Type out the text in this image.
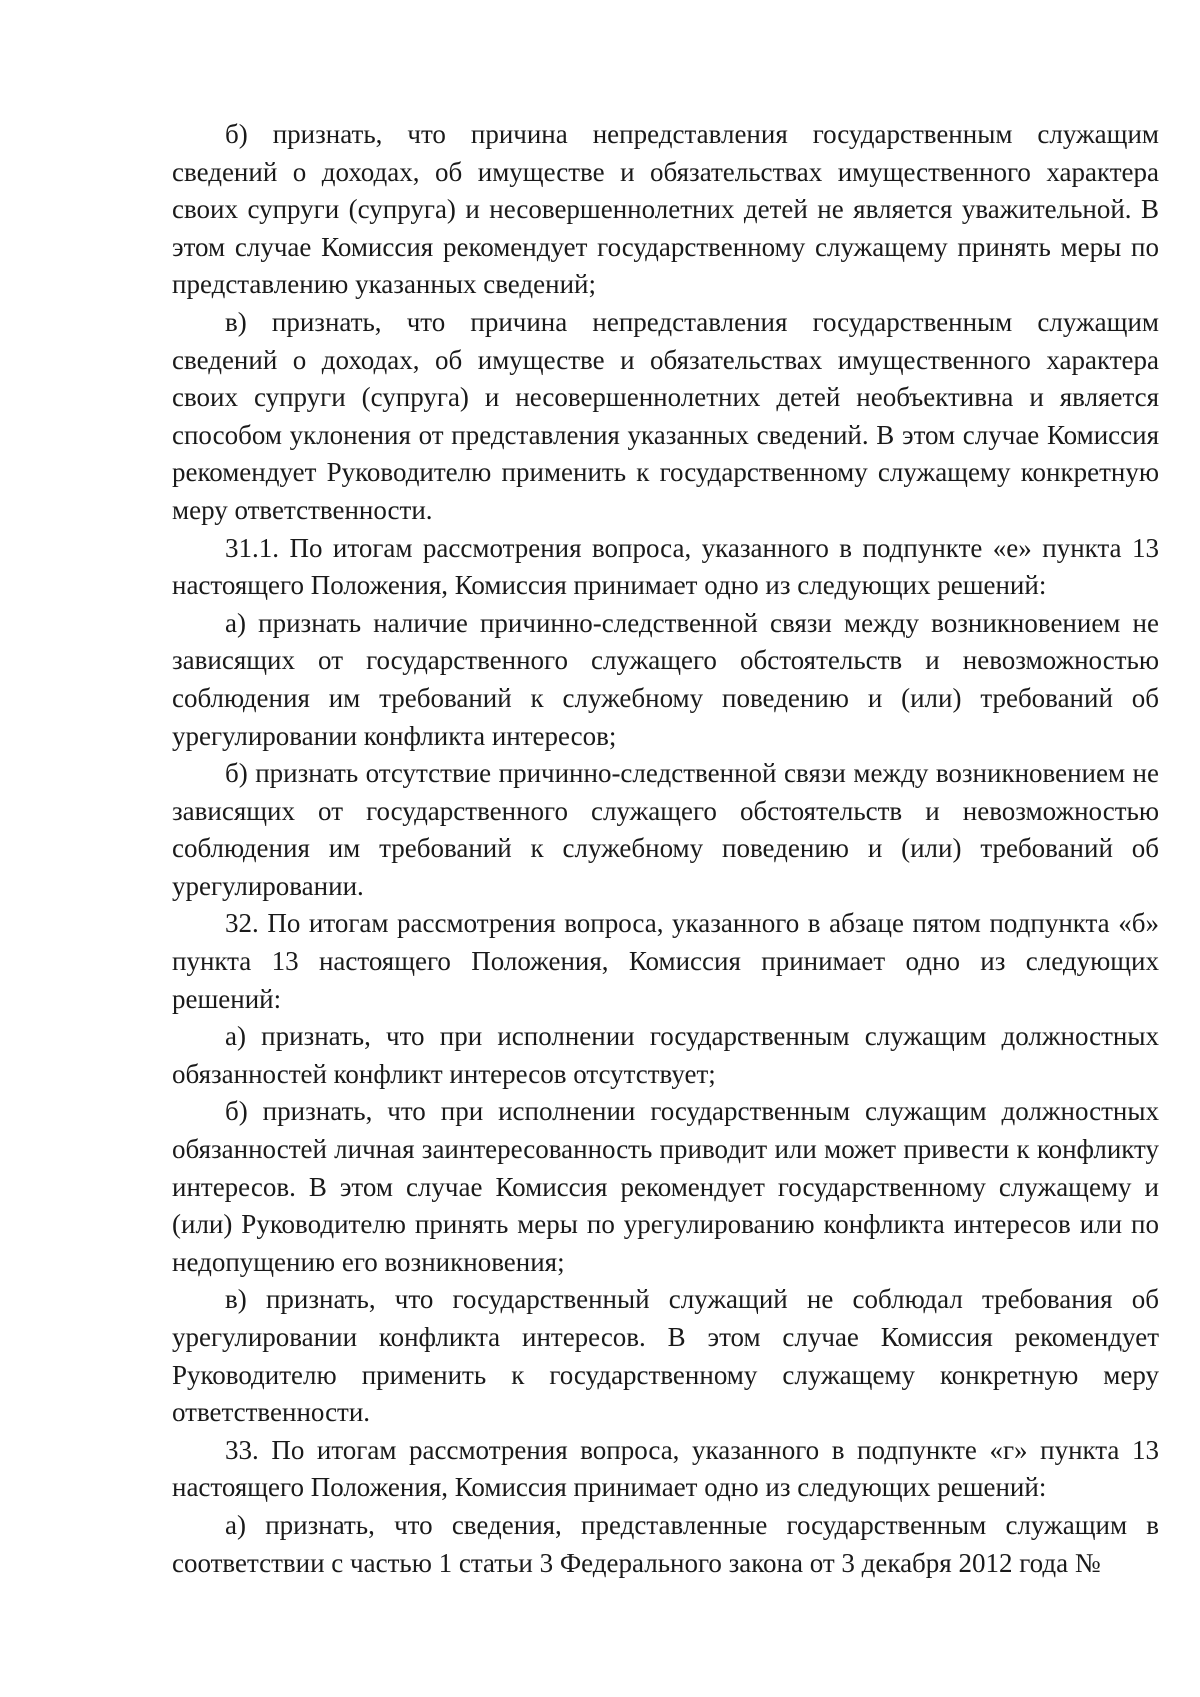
б) признать, что причина непредставления государственным служащим сведений о доходах, об имуществе и обязательствах имущественного характера своих супруги (супруга) и несовершеннолетних детей не является уважительной. В этом случае Комиссия рекомендует государственному служащему принять меры по представлению указанных сведений;

в) признать, что причина непредставления государственным служащим сведений о доходах, об имуществе и обязательствах имущественного характера своих супруги (супруга) и несовершеннолетних детей необъективна и является способом уклонения от представления указанных сведений. В этом случае Комиссия рекомендует Руководителю применить к государственному служащему конкретную меру ответственности.

31.1. По итогам рассмотрения вопроса, указанного в подпункте «е» пункта 13 настоящего Положения, Комиссия принимает одно из следующих решений:

а) признать наличие причинно-следственной связи между возникновением не зависящих от государственного служащего обстоятельств и невозможностью соблюдения им требований к служебному поведению и (или) требований об урегулировании конфликта интересов;

б) признать отсутствие причинно-следственной связи между возникновением не зависящих от государственного служащего обстоятельств и невозможностью соблюдения им требований к служебному поведению и (или) требований об урегулировании.

32. По итогам рассмотрения вопроса, указанного в абзаце пятом подпункта «б» пункта 13 настоящего Положения, Комиссия принимает одно из следующих решений:

а) признать, что при исполнении государственным служащим должностных обязанностей конфликт интересов отсутствует;

б) признать, что при исполнении государственным служащим должностных обязанностей личная заинтересованность приводит или может привести к конфликту интересов. В этом случае Комиссия рекомендует государственному служащему и (или) Руководителю принять меры по урегулированию конфликта интересов или по недопущению его возникновения;

в) признать, что государственный служащий не соблюдал требования об урегулировании конфликта интересов. В этом случае Комиссия рекомендует Руководителю применить к государственному служащему конкретную меру ответственности.

33. По итогам рассмотрения вопроса, указанного в подпункте «г» пункта 13 настоящего Положения, Комиссия принимает одно из следующих решений:

а) признать, что сведения, представленные государственным служащим в соответствии с частью 1 статьи 3 Федерального закона от 3 декабря 2012 года №
